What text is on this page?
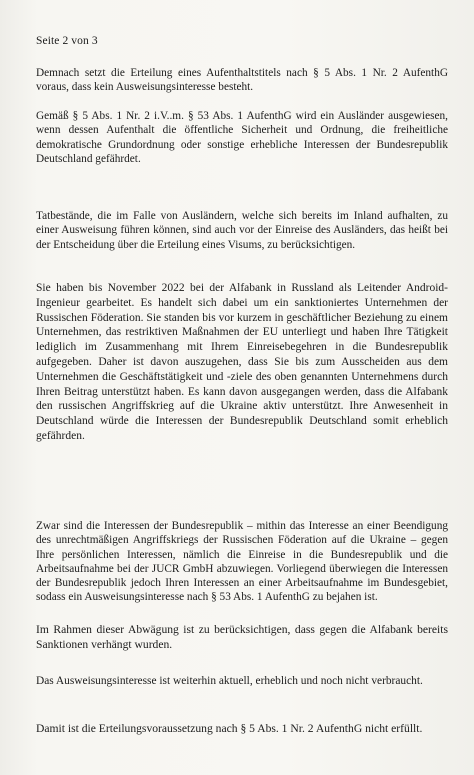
Seite 2 von 3

Demnach setzt die Erteilung eines Aufenthaltstitels nach § 5 Abs. 1 Nr. 2 AufenthG voraus, dass kein Ausweisungsinteresse besteht.

Gemäß § 5 Abs. 1 Nr. 2 i.V..m. § 53 Abs. 1 AufenthG wird ein Ausländer ausgewiesen, wenn dessen Aufenthalt die öffentliche Sicherheit und Ordnung, die freiheitliche demokratische Grundordnung oder sonstige erhebliche Interessen der Bundesrepublik Deutschland gefährdet.

Tatbestände, die im Falle von Ausländern, welche sich bereits im Inland aufhalten, zu einer Ausweisung führen können, sind auch vor der Einreise des Ausländers, das heißt bei der Entscheidung über die Erteilung eines Visums, zu berücksichtigen.

Sie haben bis November 2022 bei der Alfabank in Russland als Leitender Android-Ingenieur gearbeitet. Es handelt sich dabei um ein sanktioniertes Unternehmen der Russischen Föderation. Sie standen bis vor kurzem in geschäftlicher Beziehung zu einem Unternehmen, das restriktiven Maßnahmen der EU unterliegt und haben Ihre Tätigkeit lediglich im Zusammenhang mit Ihrem Einreisebegehren in die Bundesrepublik aufgegeben. Daher ist davon auszugehen, dass Sie bis zum Ausscheiden aus dem Unternehmen die Geschäftstätigkeit und -ziele des oben genannten Unternehmens durch Ihren Beitrag unterstützt haben. Es kann davon ausgegangen werden, dass die Alfabank den russischen Angriffskrieg auf die Ukraine aktiv unterstützt. Ihre Anwesenheit in Deutschland würde die Interessen der Bundesrepublik Deutschland somit erheblich gefährden.

Zwar sind die Interessen der Bundesrepublik – mithin das Interesse an einer Beendigung des unrechtmäßigen Angriffskriegs der Russischen Föderation auf die Ukraine – gegen Ihre persönlichen Interessen, nämlich die Einreise in die Bundesrepublik und die Arbeitsaufnahme bei der JUCR GmbH abzuwiegen. Vorliegend überwiegen die Interessen der Bundesrepublik jedoch Ihren Interessen an einer Arbeitsaufnahme im Bundesgebiet, sodass ein Ausweisungsinteresse nach § 53 Abs. 1 AufenthG zu bejahen ist.

Im Rahmen dieser Abwägung ist zu berücksichtigen, dass gegen die Alfabank bereits Sanktionen verhängt wurden.

Das Ausweisungsinteresse ist weiterhin aktuell, erheblich und noch nicht verbraucht.

Damit ist die Erteilungsvoraussetzung nach § 5 Abs. 1 Nr. 2 AufenthG nicht erfüllt.
